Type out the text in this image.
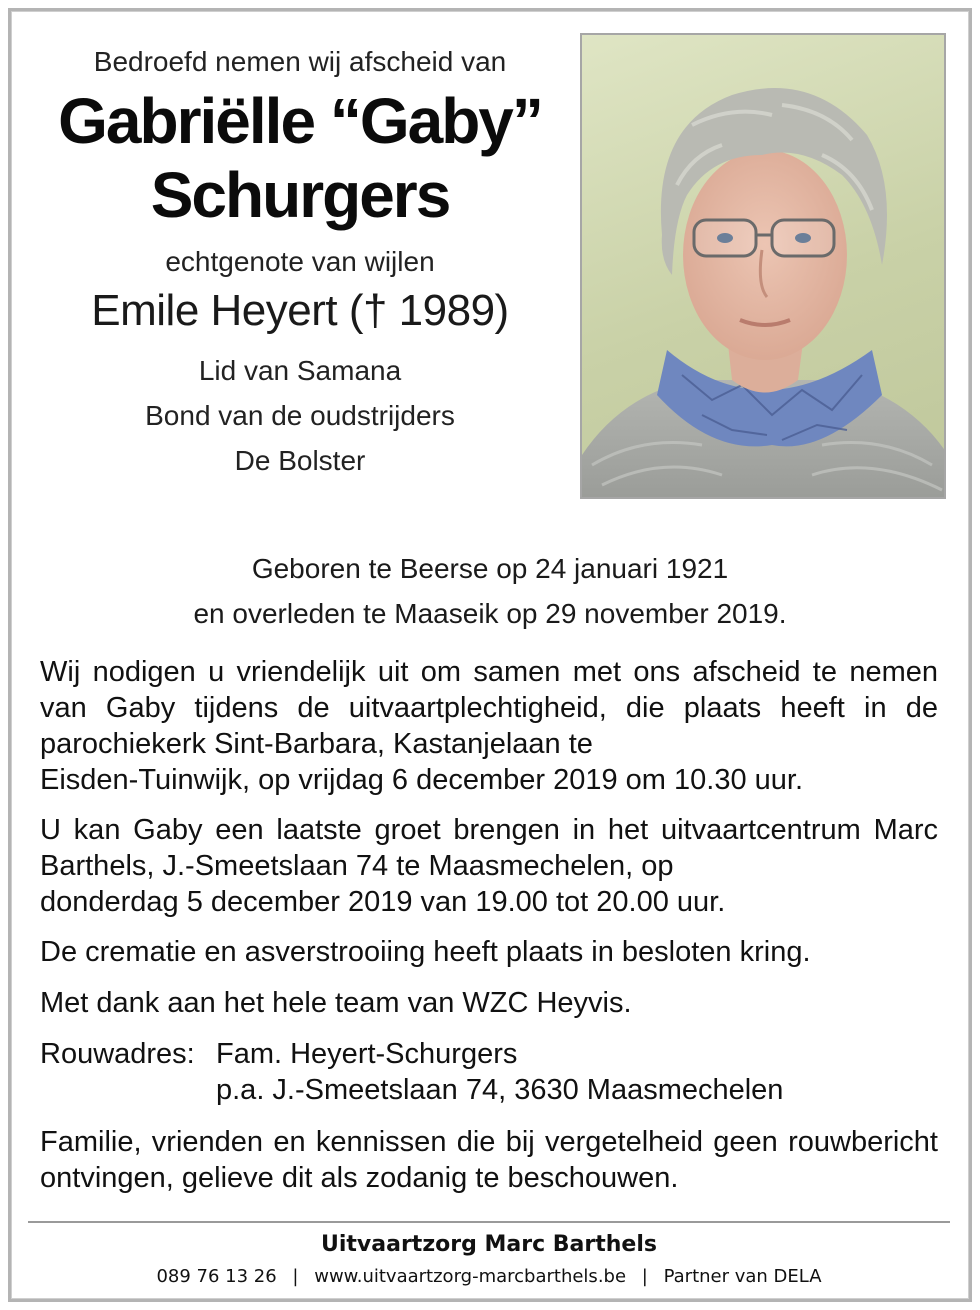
Bedroefd nemen wij afscheid van
Gabriëlle “Gaby”
Schurgers
echtgenote van wijlen
Emile Heyert († 1989)
Lid van Samana
Bond van de oudstrijders
De Bolster
Geboren te Beerse op 24 januari 1921
en overleden te Maaseik op 29 november 2019.
Wij nodigen u vriendelijk uit om samen met ons afscheid te nemen van Gaby tijdens de uitvaartplechtigheid, die plaats heeft in de parochiekerk Sint-Barbara, Kastanjelaan te
Eisden-Tuinwijk, op vrijdag 6 december 2019 om 10.30 uur.
U kan Gaby een laatste groet brengen in het uitvaartcentrum Marc Barthels, J.-Smeetslaan 74 te Maasmechelen, op
donderdag 5 december 2019 van 19.00 tot 20.00 uur.
De crematie en asverstrooiing heeft plaats in besloten kring.
Met dank aan het hele team van WZC Heyvis.
Rouwadres: Fam. Heyert-Schurgers
p.a. J.-Smeetslaan 74, 3630 Maasmechelen
Familie, vrienden en kennissen die bij vergetelheid geen rouwbericht ontvingen, gelieve dit als zodanig te beschouwen.
Uitvaartzorg Marc Barthels
089 76 13 26 | www.uitvaartzorg-marcbarthels.be | Partner van DELA
